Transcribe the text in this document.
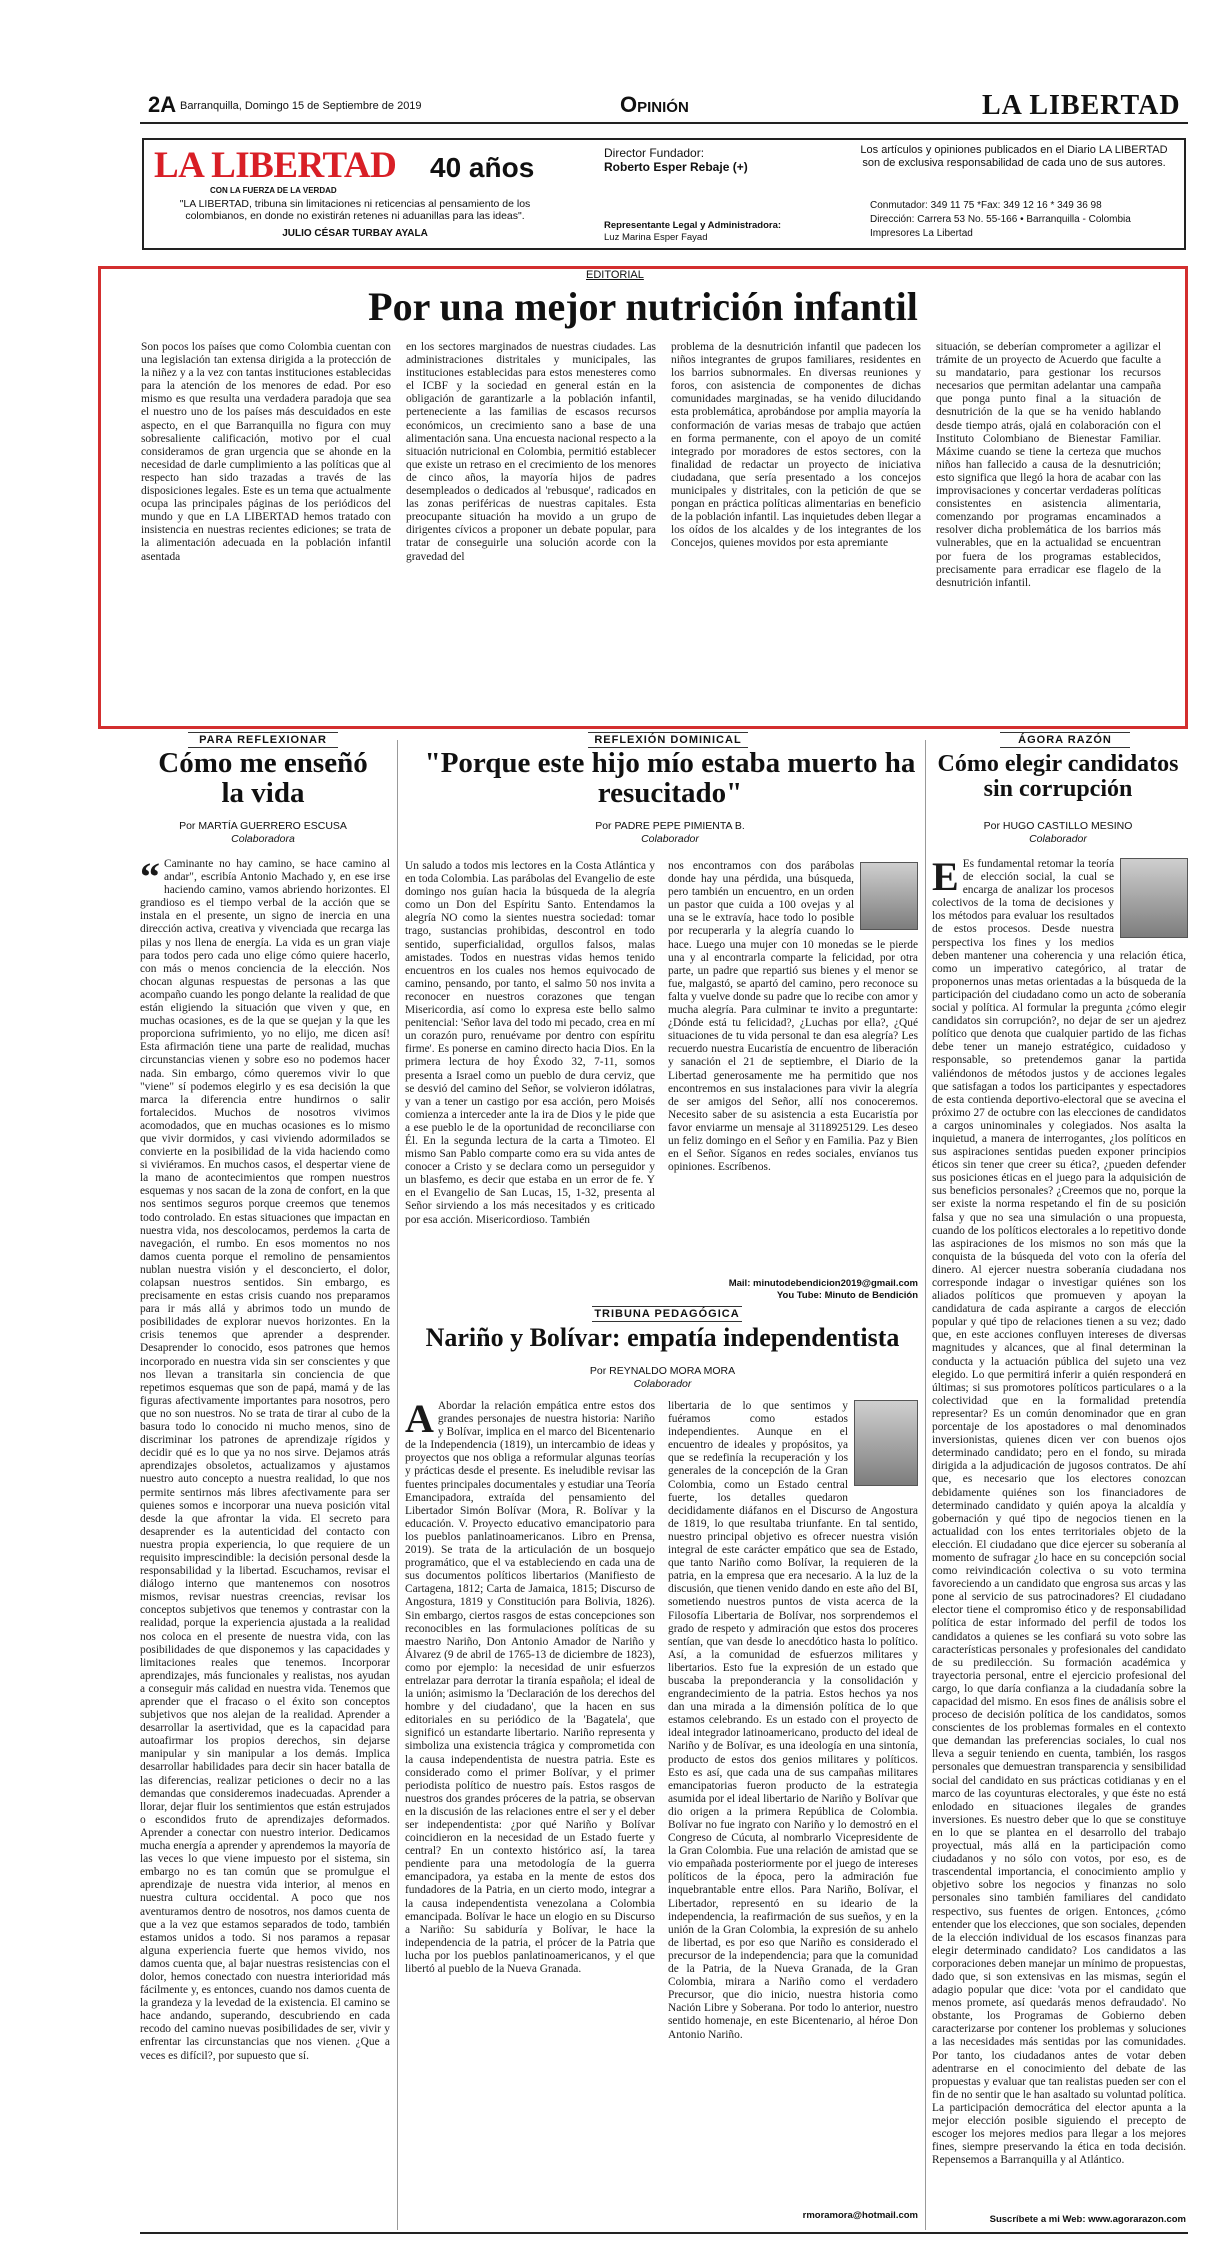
2A Barranquilla, Domingo 15 de Septiembre de 2019	Opinión	LA LIBERTAD
LA LIBERTAD 40 años
CON LA FUERZA DE LA VERDAD
"LA LIBERTAD, tribuna sin limitaciones ni reticencias al pensamiento de los colombianos, en donde no existirán retenes ni aduanillas para las ideas".
JULIO CÉSAR TURBAY AYALA
Director Fundador:
Roberto Esper Rebaje (+)
Representante Legal y Administradora:
Luz Marina Esper Fayad
Los artículos y opiniones publicados en el Diario LA LIBERTAD son de exclusiva responsabilidad de cada uno de sus autores.
Conmutador: 349 11 75 *Fax: 349 12 16 * 349 36 98
Dirección: Carrera 53 No. 55-166 • Barranquilla - Colombia
Impresores La Libertad
EDITORIAL
Por una mejor nutrición infantil
Son pocos los países que como Colombia cuentan con una legislación tan extensa dirigida a la protección de la niñez y a la vez con tantas instituciones establecidas para la atención de los menores de edad. Por eso mismo es que resulta una verdadera paradoja que sea el nuestro uno de los países más descuidados en este aspecto, en el que Barranquilla no figura con muy sobresaliente calificación, motivo por el cual consideramos de gran urgencia que se ahonde en la necesidad de darle cumplimiento a las políticas que al respecto han sido trazadas a través de las disposiciones legales. Este es un tema que actualmente ocupa las principales páginas de los periódicos del mundo y que en LA LIBERTAD hemos tratado con insistencia en nuestras recientes ediciones; se trata de la alimentación adecuada en la población infantil asentada
en los sectores marginados de nuestras ciudades. Las administraciones distritales y municipales, las instituciones establecidas para estos menesteres como el ICBF y la sociedad en general están en la obligación de garantizarle a la población infantil, perteneciente a las familias de escasos recursos económicos, un crecimiento sano a base de una alimentación sana. Una encuesta nacional respecto a la situación nutricional en Colombia, permitió establecer que existe un retraso en el crecimiento de los menores de cinco años, la mayoría hijos de padres desempleados o dedicados al 'rebusque', radicados en las zonas periféricas de nuestras capitales. Esta preocupante situación ha movido a un grupo de dirigentes cívicos a proponer un debate popular, para tratar de conseguirle una solución acorde con la gravedad del
problema de la desnutrición infantil que padecen los niños integrantes de grupos familiares, residentes en los barrios subnormales. En diversas reuniones y foros, con asistencia de componentes de dichas comunidades marginadas, se ha venido dilucidando esta problemática, aprobándose por amplia mayoría la conformación de varias mesas de trabajo que actúen en forma permanente, con el apoyo de un comité integrado por moradores de estos sectores, con la finalidad de redactar un proyecto de iniciativa ciudadana, que sería presentado a los concejos municipales y distritales, con la petición de que se pongan en práctica políticas alimentarias en beneficio de la población infantil. Las inquietudes deben llegar a los oídos de los alcaldes y de los integrantes de los Concejos, quienes movidos por esta apremiante
situación, se deberían comprometer a agilizar el trámite de un proyecto de Acuerdo que faculte a su mandatario, para gestionar los recursos necesarios que permitan adelantar una campaña que ponga punto final a la situación de desnutrición de la que se ha venido hablando desde tiempo atrás, ojalá en colaboración con el Instituto Colombiano de Bienestar Familiar. Máxime cuando se tiene la certeza que muchos niños han fallecido a causa de la desnutrición; esto significa que llegó la hora de acabar con las improvisaciones y concertar verdaderas políticas consistentes en asistencia alimentaria, comenzando por programas encaminados a resolver dicha problemática de los barrios más vulnerables, que en la actualidad se encuentran por fuera de los programas establecidos, precisamente para erradicar ese flagelo de la desnutrición infantil.
PARA REFLEXIONAR
Cómo me enseñó la vida
Por MARTÍA GUERRERO ESCUSA
Colaboradora
“ Caminante no hay camino, se hace camino al andar", escribía Antonio Machado y, en ese irse haciendo camino, vamos abriendo horizontes. El grandioso es el tiempo verbal de la acción que se instala en el presente, un signo de inercia en una dirección activa, creativa y vivenciada que recarga las pilas y nos llena de energía. La vida es un gran viaje para todos pero cada uno elige cómo quiere hacerlo, con más o menos conciencia de la elección. Nos chocan algunas respuestas de personas a las que acompaño cuando les pongo delante la realidad de que están eligiendo la situación que viven y que, en muchas ocasiones, es de la que se quejan y la que les proporciona sufrimiento, yo no elijo, me dicen así! Esta afirmación tiene una parte de realidad, muchas circunstancias vienen y sobre eso no podemos hacer nada. Sin embargo, cómo queremos vivir lo que "viene" sí podemos elegirlo y es esa decisión la que marca la diferencia entre hundirnos o salir fortalecidos. Muchos de nosotros vivimos acomodados, que en muchas ocasiones es lo mismo que vivir dormidos, y casi viviendo adormilados se convierte en la posibilidad de la vida haciendo como si viviéramos. En muchos casos, el despertar viene de la mano de acontecimientos que rompen nuestros esquemas y nos sacan de la zona de confort, en la que nos sentimos seguros porque creemos que tenemos todo controlado. En estas situaciones que impactan en nuestra vida, nos descolocamos, perdemos la carta de navegación, el rumbo. En esos momentos no nos damos cuenta porque el remolino de pensamientos nublan nuestra visión y el desconcierto, el dolor, colapsan nuestros sentidos. Sin embargo, es precisamente en estas crisis cuando nos preparamos para ir más allá y abrimos todo un mundo de posibilidades de explorar nuevos horizontes. En la crisis tenemos que aprender a desprender. Desaprender lo conocido, esos patrones que hemos incorporado en nuestra vida sin ser conscientes y que nos llevan a transitarla sin conciencia de que repetimos esquemas que son de papá, mamá y de las figuras afectivamente importantes para nosotros, pero que no son nuestros. No se trata de tirar al cubo de la basura todo lo conocido ni mucho menos, sino de discriminar los patrones de aprendizaje rígidos y decidir qué es lo que ya no nos sirve. Dejamos atrás aprendizajes obsoletos, actualizamos y ajustamos nuestro auto concepto a nuestra realidad, lo que nos permite sentirnos más libres afectivamente para ser quienes somos e incorporar una nueva posición vital desde la que afrontar la vida. El secreto para desaprender es la autenticidad del contacto con nuestra propia experiencia, lo que requiere de un requisito imprescindible: la decisión personal desde la responsabilidad y la libertad. Escuchamos, revisar el diálogo interno que mantenemos con nosotros mismos, revisar nuestras creencias, revisar los conceptos subjetivos que tenemos y contrastar con la realidad, porque la experiencia ajustada a la realidad nos coloca en el presente de nuestra vida, con las posibilidades de que disponemos y las capacidades y limitaciones reales que tenemos. Incorporar aprendizajes, más funcionales y realistas, nos ayudan a conseguir más calidad en nuestra vida. Tenemos que aprender que el fracaso o el éxito son conceptos subjetivos que nos alejan de la realidad. Aprender a desarrollar la asertividad, que es la capacidad para autoafirmar los propios derechos, sin dejarse manipular y sin manipular a los demás. Implica desarrollar habilidades para decir sin hacer batalla de las diferencias, realizar peticiones o decir no a las demandas que consideremos inadecuadas. Aprender a llorar, dejar fluir los sentimientos que están estrujados o escondidos fruto de aprendizajes deformados. Aprender a conectar con nuestro interior. Dedicamos mucha energía a aprender y aprendemos la mayoría de las veces lo que viene impuesto por el sistema, sin embargo no es tan común que se promulgue el aprendizaje de nuestra vida interior, al menos en nuestra cultura occidental. A poco que nos aventuramos dentro de nosotros, nos damos cuenta de que a la vez que estamos separados de todo, también estamos unidos a todo. Si nos paramos a repasar alguna experiencia fuerte que hemos vivido, nos damos cuenta que, al bajar nuestras resistencias con el dolor, hemos conectado con nuestra interioridad más fácilmente y, es entonces, cuando nos damos cuenta de la grandeza y la levedad de la existencia. El camino se hace andando, superando, descubriendo en cada recodo del camino nuevas posibilidades de ser, vivir y enfrentar las circunstancias que nos vienen. ¿Que a veces es difícil?, por supuesto que sí.
REFLEXIÓN DOMINICAL
"Porque este hijo mío estaba muerto ha resucitado"
Por PADRE PEPE PIMIENTA B.
Colaborador
Un saludo a todos mis lectores en la Costa Atlántica y en toda Colombia. Las parábolas del Evangelio de este domingo nos guían hacia la búsqueda de la alegría como un Don del Espíritu Santo. Entendamos la alegría NO como la sientes nuestra sociedad: tomar trago, sustancias prohibidas, descontrol en todo sentido, superficialidad, orgullos falsos, malas amistades. Todos en nuestras vidas hemos tenido encuentros en los cuales nos hemos equivocado de camino, pensando, por tanto, el salmo 50 nos invita a reconocer en nuestros corazones que tengan Misericordia, así como lo expresa este bello salmo penitencial: 'Señor lava del todo mi pecado, crea en mí un corazón puro, renuévame por dentro con espíritu firme'. Es ponerse en camino directo hacia Dios. En la primera lectura de hoy Éxodo 32, 7-11, somos presenta a Israel como un pueblo de dura cerviz, que se desvió del camino del Señor, se volvieron idólatras, y van a tener un castigo por esa acción, pero Moisés comienza a interceder ante la ira de Dios y le pide que a ese pueblo le de la oportunidad de reconciliarse con Él. En la segunda lectura de la carta a Timoteo. El mismo San Pablo comparte como era su vida antes de conocer a Cristo y se declara como un perseguidor y un blasfemo, es decir que estaba en un error de fe. Y en el Evangelio de San Lucas, 15, 1-32, presenta al Señor sirviendo a los más necesitados y es criticado por esa acción. Misericordioso. También
nos encontramos con dos parábolas donde hay una pérdida, una búsqueda, pero también un encuentro, en un orden un pastor que cuida a 100 ovejas y al una se le extravía, hace todo lo posible por recuperarla y la alegría cuando lo hace. Luego una mujer con 10 monedas se le pierde una y al encontrarla comparte la felicidad, por otra parte, un padre que repartió sus bienes y el menor se fue, malgastó, se apartó del camino, pero reconoce su falta y vuelve donde su padre que lo recibe con amor y mucha alegría. Para culminar te invito a preguntarte: ¿Dónde está tu felicidad?, ¿Luchas por ella?, ¿Qué situaciones de tu vida personal te dan esa alegría? Les recuerdo nuestra Eucaristía de encuentro de liberación y sanación el 21 de septiembre, el Diario de la Libertad generosamente me ha permitido que nos encontremos en sus instalaciones para vivir la alegría de ser amigos del Señor, allí nos conoceremos. Necesito saber de su asistencia a esta Eucaristía por favor enviarme un mensaje al 3118925129. Les deseo un feliz domingo en el Señor y en Familia. Paz y Bien en el Señor. Síganos en redes sociales, envíanos tus opiniones. Escríbenos.
Mail: minutodebendicion2019@gmail.com
You Tube: Minuto de Bendición
TRIBUNA PEDAGÓGICA
Nariño y Bolívar: empatía independentista
Por REYNALDO MORA MORA
Colaborador
A Abordar la relación empática entre estos dos grandes personajes de nuestra historia: Nariño y Bolívar, implica en el marco del Bicentenario de la Independencia (1819), un intercambio de ideas y proyectos que nos obliga a reformular algunas teorías y prácticas desde el presente. Es ineludible revisar las fuentes principales documentales y estudiar una Teoría Emancipadora, extraída del pensamiento del Libertador Simón Bolívar (Mora, R. Bolívar y la educación. V. Proyecto educativo emancipatorio para los pueblos panlatinoamericanos. Libro en Prensa, 2019). Se trata de la articulación de un bosquejo programático, que el va estableciendo en cada una de sus documentos políticos libertarios (Manifiesto de Cartagena, 1812; Carta de Jamaica, 1815; Discurso de Angostura, 1819 y Constitución para Bolivia, 1826). Sin embargo, ciertos rasgos de estas concepciones son reconocibles en las formulaciones políticas de su maestro Nariño, Don Antonio Amador de Nariño y Álvarez (9 de abril de 1765-13 de diciembre de 1823), como por ejemplo: la necesidad de unir esfuerzos entrelazar para derrotar la tiranía española; el ideal de la unión; asimismo la 'Declaración de los derechos del hombre y del ciudadano', que la hacen en sus editoriales en su periódico de la 'Bagatela', que significó un estandarte libertario. Nariño representa y simboliza una existencia trágica y comprometida con la causa independentista de nuestra patria. Este es considerado como el primer Bolívar, y el primer periodista político de nuestro país. Estos rasgos de nuestros dos grandes próceres de la patria, se observan en la discusión de las relaciones entre el ser y el deber ser independentista: ¿por qué Nariño y Bolívar coincidieron en la necesidad de un Estado fuerte y central? En un contexto histórico así, la tarea pendiente para una metodología de la guerra emancipadora, ya estaba en la mente de estos dos fundadores de la Patria, en un cierto modo, integrar a la causa independentista venezolana a Colombia emancipada. Bolívar le hace un elogio en su Discurso a Nariño: Su sabiduría y Bolívar, le hace la independencia de la patria, el prócer de la Patria que lucha por los pueblos panlatinoamericanos, y el que libertó al pueblo de la Nueva Granada.
libertaria de lo que sentimos y fuéramos como estados independientes. Aunque en el encuentro de ideales y propósitos, ya que se redefinía la recuperación y los generales de la concepción de la Gran Colombia, como un Estado central fuerte, los detalles quedaron decididamente diáfanos en el Discurso de Angostura de 1819, lo que resultaba triunfante. En tal sentido, nuestro principal objetivo es ofrecer nuestra visión integral de este carácter empático que sea de Estado, que tanto Nariño como Bolívar, la requieren de la patria, en la empresa que era necesario. A la luz de la discusión, que tienen venido dando en este año del BI, sometiendo nuestros puntos de vista acerca de la Filosofía Libertaria de Bolívar, nos sorprendemos el grado de respeto y admiración que estos dos proceres sentían, que van desde lo anecdótico hasta lo político. Así, a la comunidad de esfuerzos militares y libertarios. Esto fue la expresión de un estado que buscaba la preponderancia y la consolidación y engrandecimiento de la patria. Estos hechos ya nos dan una mirada a la dimensión política de lo que estamos celebrando. Es un estado con el proyecto de ideal integrador latinoamericano, producto del ideal de Nariño y de Bolívar, es una ideología en una sintonía, producto de estos dos genios militares y políticos. Esto es así, que cada una de sus campañas militares emancipatorias fueron producto de la estrategia asumida por el ideal libertario de Nariño y Bolívar que dio origen a la primera República de Colombia. Bolívar no fue ingrato con Nariño y lo demostró en el Congreso de Cúcuta, al nombrarlo Vicepresidente de la Gran Colombia. Fue una relación de amistad que se vio empañada posteriormente por el juego de intereses políticos de la época, pero la admiración fue inquebrantable entre ellos. Para Nariño, Bolívar, el Libertador, representó en su ideario de la independencia, la reafirmación de sus sueños, y en la unión de la Gran Colombia, la expresión de su anhelo de libertad, es por eso que Nariño es considerado el precursor de la independencia; para que la comunidad de la Patria, de la Nueva Granada, de la Gran Colombia, mirara a Nariño como el verdadero Precursor, que dio inicio, nuestra historia como Nación Libre y Soberana. Por todo lo anterior, nuestro sentido homenaje, en este Bicentenario, al héroe Don Antonio Nariño.
rmoramora@hotmail.com
ÁGORA RAZÓN
Cómo elegir candidatos sin corrupción
Por HUGO CASTILLO MESINO
Colaborador
E Es fundamental retomar la teoría de elección social, la cual se encarga de analizar los procesos colectivos de la toma de decisiones y los métodos para evaluar los resultados de estos procesos. Desde nuestra perspectiva los fines y los medios deben mantener una coherencia y una relación ética, como un imperativo categórico, al tratar de proponernos unas metas orientadas a la búsqueda de la participación del ciudadano como un acto de soberanía social y política. Al formular la pregunta ¿cómo elegir candidatos sin corrupción?, no dejar de ser un ajedrez político que denota que cualquier partido de las fichas debe tener un manejo estratégico, cuidadoso y responsable, so pretendemos ganar la partida valiéndonos de métodos justos y de acciones legales que satisfagan a todos los participantes y espectadores de esta contienda deportivo-electoral que se avecina el próximo 27 de octubre con las elecciones de candidatos a cargos uninominales y colegiados. Nos asalta la inquietud, a manera de interrogantes, ¿los políticos en sus aspiraciones sentidas pueden exponer principios éticos sin tener que creer su ética?, ¿pueden defender sus posiciones éticas en el juego para la adquisición de sus beneficios personales? ¿Creemos que no, porque la ser existe la norma respetando el fin de su posición falsa y que no sea una simulación o una propuesta, cuando de los políticos electorales a lo repetitivo donde las aspiraciones de los mismos no son más que la conquista de la búsqueda del voto con la ofería del dinero. Al ejercer nuestra soberanía ciudadana nos corresponde indagar o investigar quiénes son los aliados políticos que promueven y apoyan la candidatura de cada aspirante a cargos de elección popular y qué tipo de relaciones tienen a su vez; dado que, en este acciones confluyen intereses de diversas magnitudes y alcances, que al final determinan la conducta y la actuación pública del sujeto una vez elegido. Lo que permitirá inferir a quién responderá en últimas; si sus promotores políticos particulares o a la colectividad que en la formalidad pretendía representar? Es un común denominador que en gran porcentaje de los apostadores o mal denominados inversionistas, quienes dicen ver con buenos ojos determinado candidato; pero en el fondo, su mirada dirigida a la adjudicación de jugosos contratos. De ahí que, es necesario que los electores conozcan debidamente quiénes son los financiadores de determinado candidato y quién apoya la alcaldía y gobernación y qué tipo de negocios tienen en la actualidad con los entes territoriales objeto de la elección. El ciudadano que dice ejercer su soberanía al momento de sufragar ¿lo hace en su concepción social como reivindicación colectiva o su voto termina favoreciendo a un candidato que engrosa sus arcas y las pone al servicio de sus patrocinadores? El ciudadano elector tiene el compromiso ético y de responsabilidad política de estar informado del perfil de todos los candidatos a quienes se les confiará su voto sobre las características personales y profesionales del candidato de su predilección. Su formación académica y trayectoria personal, entre el ejercicio profesional del cargo, lo que daría confianza a la ciudadanía sobre la capacidad del mismo. En esos fines de análisis sobre el proceso de decisión política de los candidatos, somos conscientes de los problemas formales en el contexto que demandan las preferencias sociales, lo cual nos lleva a seguir teniendo en cuenta, también, los rasgos personales que demuestran transparencia y sensibilidad social del candidato en sus prácticas cotidianas y en el marco de las coyunturas electorales, y que éste no está enlodado en situaciones ilegales de grandes inversiones. Es nuestro deber que lo que se constituye en lo que se plantea en el desarrollo del trabajo proyectual, más allá en la participación como ciudadanos y no sólo con votos, por eso, es de trascendental importancia, el conocimiento amplio y objetivo sobre los negocios y finanzas no solo personales sino también familiares del candidato respectivo, sus fuentes de origen. Entonces, ¿cómo entender que los elecciones, que son sociales, dependen de la elección individual de los escasos finanzas para elegir determinado candidato? Los candidatos a las corporaciones deben manejar un mínimo de propuestas, dado que, si son extensivas en las mismas, según el adagio popular que dice: 'vota por el candidato que menos promete, así quedarás menos defraudado'. No obstante, los Programas de Gobierno deben caracterizarse por contener los problemas y soluciones a las necesidades más sentidas por las comunidades. Por tanto, los ciudadanos antes de votar deben adentrarse en el conocimiento del debate de las propuestas y evaluar que tan realistas pueden ser con el fin de no sentir que le han asaltado su voluntad política. La participación democrática del elector apunta a la mejor elección posible siguiendo el precepto de escoger los mejores medios para llegar a los mejores fines, siempre preservando la ética en toda decisión. Repensemos a Barranquilla y al Atlántico.
Suscríbete a mi Web: www.agorarazon.com
